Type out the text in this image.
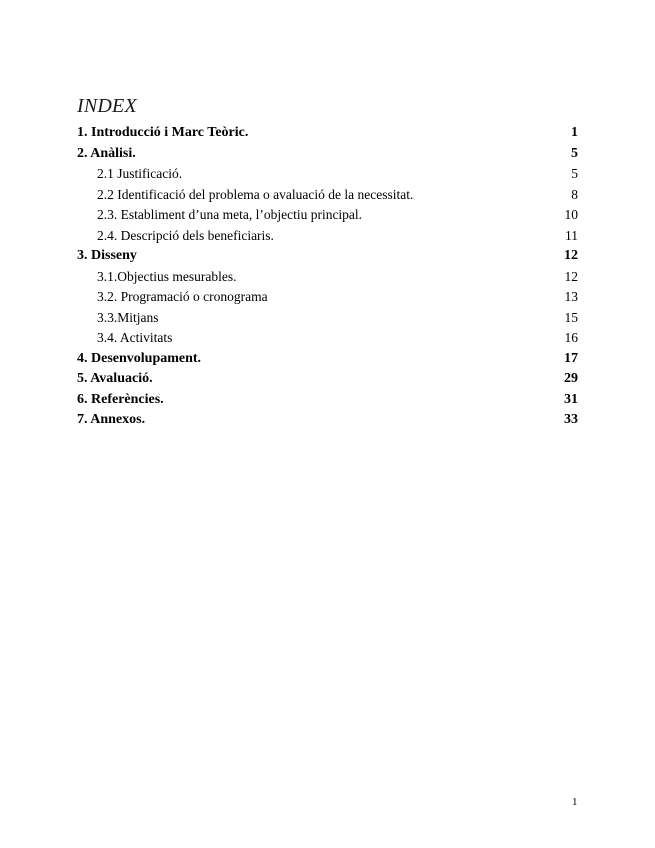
INDEX
1. Introducció i Marc Teòric.	1
2. Anàlisi.	5
2.1 Justificació.	5
2.2 Identificació del problema o avaluació de la necessitat.	8
2.3. Establiment d’una meta, l’objectiu principal.	10
2.4. Descripció dels beneficiaris.	11
3. Disseny	12
3.1.Objectius mesurables.	12
3.2. Programació o cronograma	13
3.3.Mitjans	15
3.4. Activitats	16
4. Desenvolupament.	17
5. Avaluació.	29
6. Referències.	31
7. Annexos.	33
1
